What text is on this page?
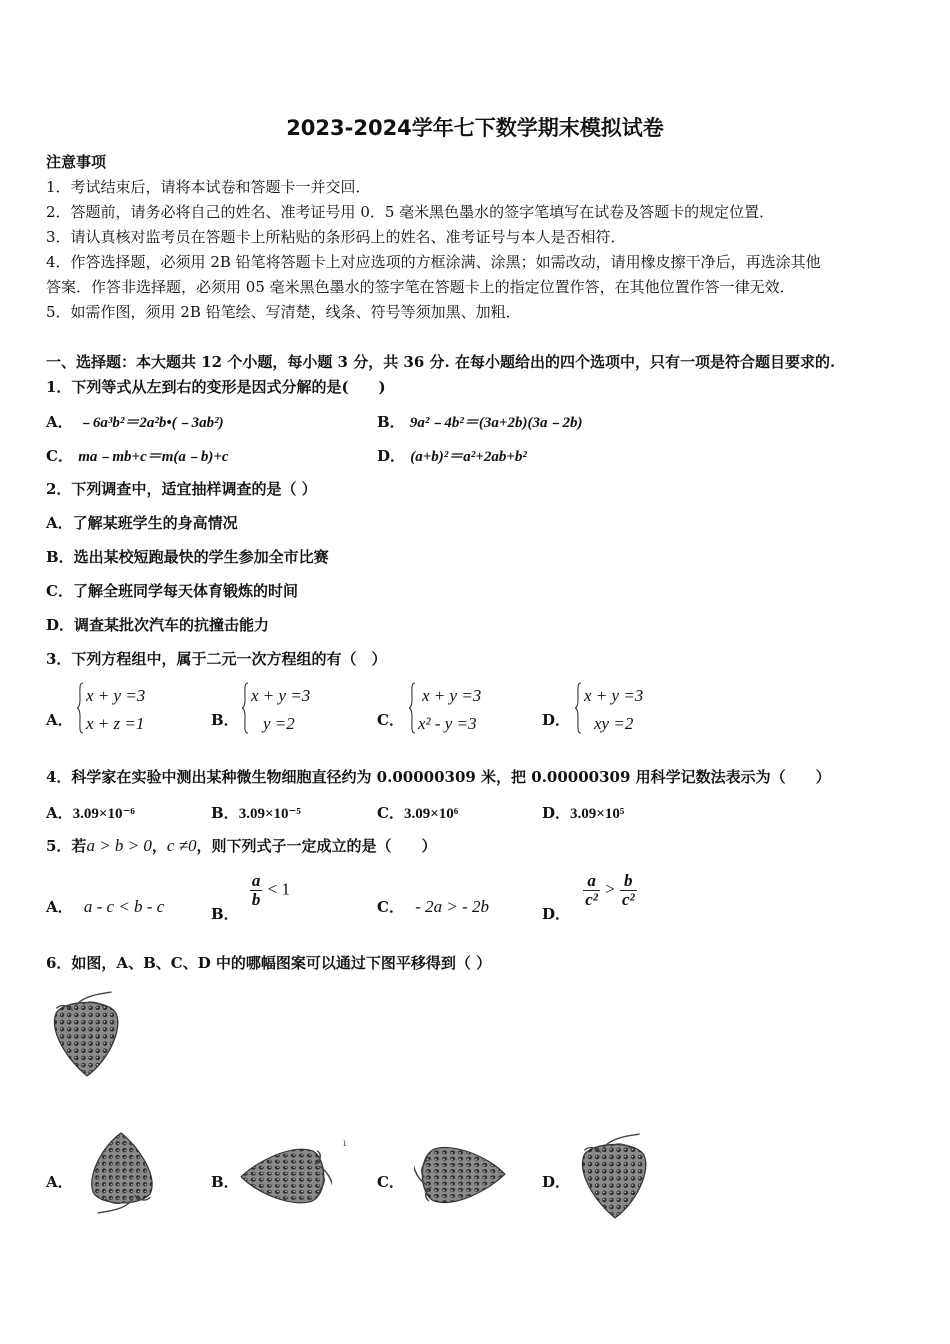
2023-2024学年七下数学期末模拟试卷
注意事项
1．考试结束后，请将本试卷和答题卡一并交回．
2．答题前，请务必将自己的姓名、准考证号用 0．5 毫米黑色墨水的签字笔填写在试卷及答题卡的规定位置．
3．请认真核对监考员在答题卡上所粘贴的条形码上的姓名、准考证号与本人是否相符．
4．作答选择题，必须用 2B 铅笔将答题卡上对应选项的方框涂满、涂黑；如需改动，请用橡皮擦干净后，再选涂其他
答案．作答非选择题，必须用 05 毫米黑色墨水的签字笔在答题卡上的指定位置作答，在其他位置作答一律无效．
5．如需作图，须用 2B 铅笔绘、写清楚，线条、符号等须加黑、加粗．
一、选择题：本大题共 12 个小题，每小题 3 分，共 36 分. 在每小题给出的四个选项中，只有一项是符合题目要求的.
1．下列等式从左到右的变形是因式分解的是(　　)
A． ﹣6a³b²＝2a²b•(﹣3ab²)	B． 9a²﹣4b²＝(3a+2b)(3a﹣2b)
C． ma﹣mb+c＝m(a﹣b)+c	D． (a+b)²＝a²+2ab+b²
2．下列调查中，适宜抽样调查的是（ ）
A．了解某班学生的身高情况
B．选出某校短跑最快的学生参加全市比赛
C．了解全班同学每天体育锻炼的时间
D．调查某批次汽车的抗撞击能力
3．下列方程组中，属于二元一次方程组的有（　）
A．
x + y =3
x + z =1	B．
x + y =3
y =2	C．
x + y =3
x² - y =3	D．
x + y =3
xy =2
4．科学家在实验中测出某种微生物细胞直径约为 0.00000309 米，把 0.00000309 用科学记数法表示为（　　）
A．3.09×10⁻⁶	B．3.09×10⁻⁵	C．3.09×10⁶	D．3.09×10⁵
5．若a > b > 0，c ≠0，则下列式子一定成立的是（　　）
A． a - c < b - c	B．
$\frac{a}{b} < 1$
C． - 2a > - 2b	D．
$\frac{a}{\text{c²}} > \frac{b}{\text{c²}}$
6．如图，A、B、C、D 中的哪幅图案可以通过下图平移得到（ ）
A．	B．
ı
C．	D．
